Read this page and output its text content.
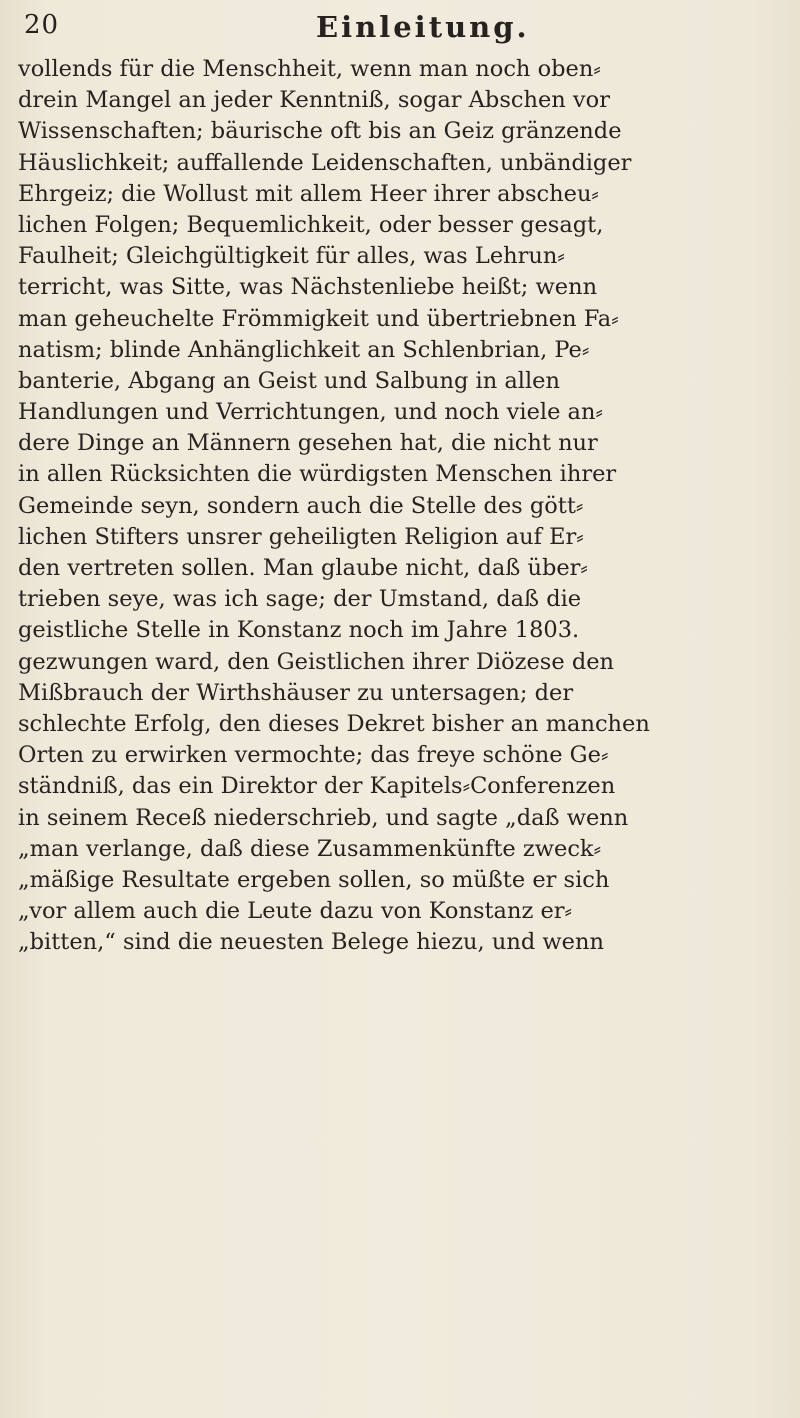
20	Einleitung.
vollends für die Menschheit, wenn man noch oben⸗
drein Mangel an jeder Kenntniß, sogar Abschen vor
Wissenschaften; bäurische oft bis an Geiz gränzende
Häuslichkeit; auffallende Leidenschaften, unbändiger
Ehrgeiz; die Wollust mit allem Heer ihrer abscheu⸗
lichen Folgen; Bequemlichkeit, oder besser gesagt,
Faulheit; Gleichgültigkeit für alles, was Lehrun⸗
terricht, was Sitte, was Nächstenliebe heißt; wenn
man geheuchelte Frömmigkeit und übertriebnen Fa⸗
natism; blinde Anhänglichkeit an Schlenbrian, Pe⸗
banterie, Abgang an Geist und Salbung in allen
Handlungen und Verrichtungen, und noch viele an⸗
dere Dinge an Männern gesehen hat, die nicht nur
in allen Rücksichten die würdigsten Menschen ihrer
Gemeinde seyn, sondern auch die Stelle des gött⸗
lichen Stifters unsrer geheiligten Religion auf Er⸗
den vertreten sollen. Man glaube nicht, daß über⸗
trieben seye, was ich sage; der Umstand, daß die
geistliche Stelle in Konstanz noch im Jahre 1803.
gezwungen ward, den Geistlichen ihrer Diözese den
Mißbrauch der Wirthshäuser zu untersagen; der
schlechte Erfolg, den dieses Dekret bisher an manchen
Orten zu erwirken vermochte; das freye schöne Ge⸗
ständniß, das ein Direktor der Kapitels⸗Conferenzen
in seinem Receß niederschrieb, und sagte „daß wenn
„man verlange, daß diese Zusammenkünfte zweck⸗
„mäßige Resultate ergeben sollen, so müßte er sich
„vor allem auch die Leute dazu von Konstanz er⸗
„bitten,“ sind die neuesten Belege hiezu, und wenn
